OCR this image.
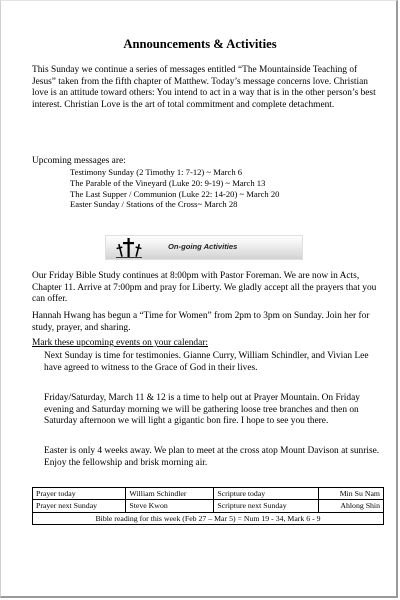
Announcements & Activities

This Sunday we continue a series of messages entitled “The Mountainside Teaching of Jesus” taken from the fifth chapter of Matthew. Today’s message concerns love. Christian love is an attitude toward others: You intend to act in a way that is in the other person’s best interest. Christian Love is the art of total commitment and complete detachment.

Upcoming messages are:

Testimony Sunday (2 Timothy 1: 7-12) ~ March 6
The Parable of the Vineyard (Luke 20: 9-19) ~ March 13
The Last Supper / Communion (Luke 22: 14-20) ~ March 20
Easter Sunday / Stations of the Cross~ March 28
On-going Activities

Our Friday Bible Study continues at 8:00pm with Pastor Foreman. We are now in Acts, Chapter 11. Arrive at 7:00pm and pray for Liberty. We gladly accept all the prayers that you can offer.

Hannah Hwang has begun a “Time for Women” from 2pm to 3pm on Sunday. Join her for study, prayer, and sharing.

Mark these upcoming events on your calendar:

Next Sunday is time for testimonies. Gianne Curry, William Schindler, and Vivian Lee have agreed to witness to the Grace of God in their lives.

Friday/Saturday, March 11 & 12 is a time to help out at Prayer Mountain. On Friday evening and Saturday morning we will be gathering loose tree branches and then on Saturday afternoon we will light a gigantic bon fire. I hope to see you there.

Easter is only 4 weeks away. We plan to meet at the cross atop Mount Davison at sunrise. Enjoy the fellowship and brisk morning air.

Prayer today	William Schindler	Scripture today	Min Su Nam
Prayer next Sunday	Steve Kwon	Scripture next Sunday	Ahlong Shin
Bible reading for this week (Feb 27 – Mar 5) = Num 19 - 34, Mark 6 - 9			
